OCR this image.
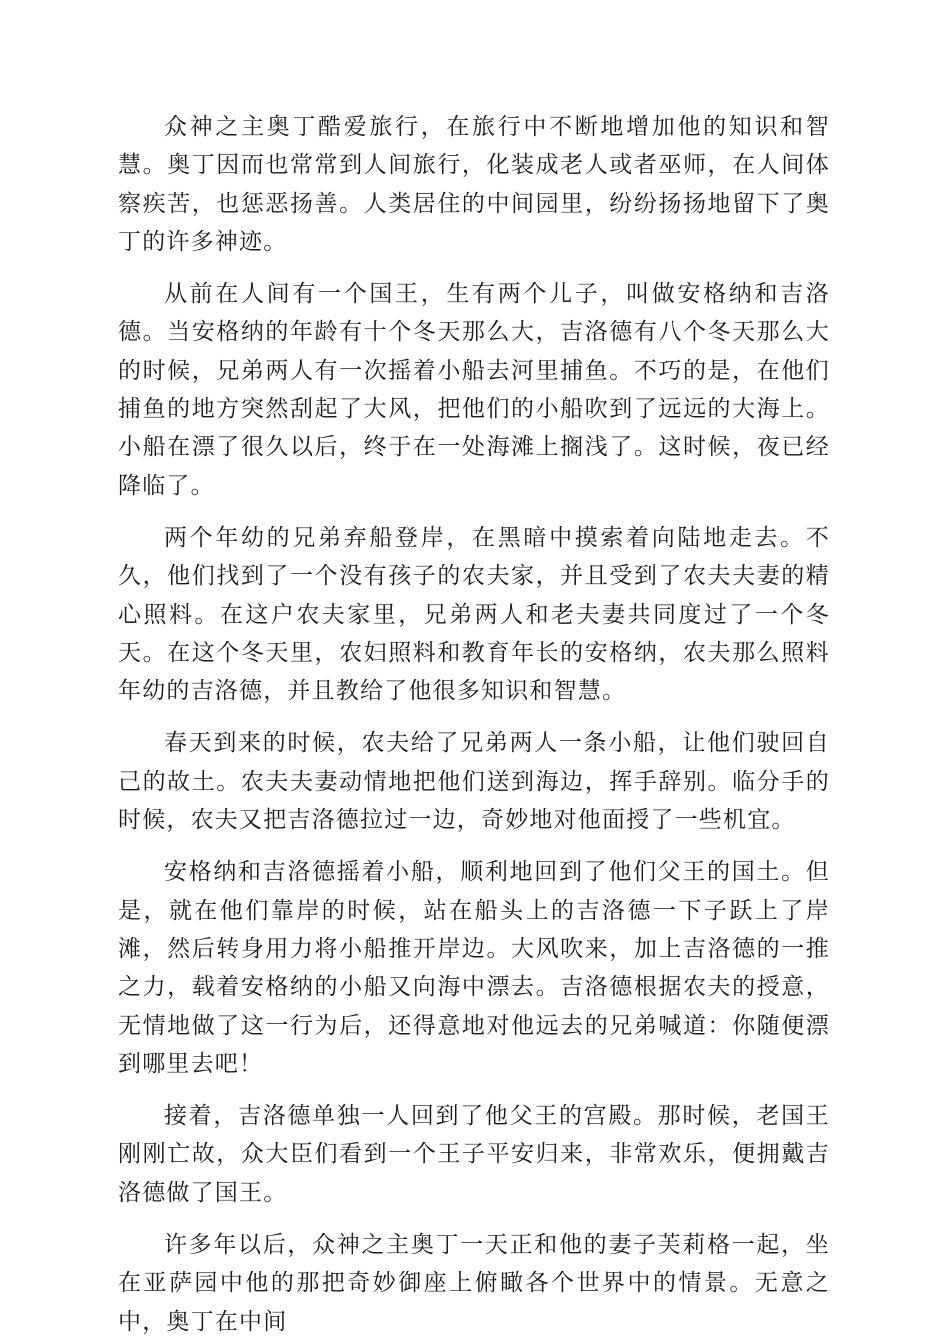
众神之主奥丁酷爱旅行，在旅行中不断地增加他的知识和智慧。奥丁因而也常常到人间旅行，化装成老人或者巫师，在人间体察疾苦，也惩恶扬善。人类居住的中间园里，纷纷扬扬地留下了奥丁的许多神迹。

从前在人间有一个国王，生有两个儿子，叫做安格纳和吉洛德。当安格纳的年龄有十个冬天那么大，吉洛德有八个冬天那么大的时候，兄弟两人有一次摇着小船去河里捕鱼。不巧的是，在他们捕鱼的地方突然刮起了大风，把他们的小船吹到了远远的大海上。小船在漂了很久以后，终于在一处海滩上搁浅了。这时候，夜已经降临了。

两个年幼的兄弟弃船登岸，在黑暗中摸索着向陆地走去。不久，他们找到了一个没有孩子的农夫家，并且受到了农夫夫妻的精心照料。在这户农夫家里，兄弟两人和老夫妻共同度过了一个冬天。在这个冬天里，农妇照料和教育年长的安格纳，农夫那么照料年幼的吉洛德，并且教给了他很多知识和智慧。

春天到来的时候，农夫给了兄弟两人一条小船，让他们驶回自己的故土。农夫夫妻动情地把他们送到海边，挥手辞别。临分手的时候，农夫又把吉洛德拉过一边，奇妙地对他面授了一些机宜。

安格纳和吉洛德摇着小船，顺利地回到了他们父王的国土。但是，就在他们靠岸的时候，站在船头上的吉洛德一下子跃上了岸滩，然后转身用力将小船推开岸边。大风吹来，加上吉洛德的一推之力，载着安格纳的小船又向海中漂去。吉洛德根据农夫的授意，无情地做了这一行为后，还得意地对他远去的兄弟喊道：你随便漂到哪里去吧！

接着，吉洛德单独一人回到了他父王的宫殿。那时候，老国王刚刚亡故，众大臣们看到一个王子平安归来，非常欢乐，便拥戴吉洛德做了国王。

许多年以后，众神之主奥丁一天正和他的妻子芙莉格一起，坐在亚萨园中他的那把奇妙御座上俯瞰各个世界中的情景。无意之中，奥丁在中间
